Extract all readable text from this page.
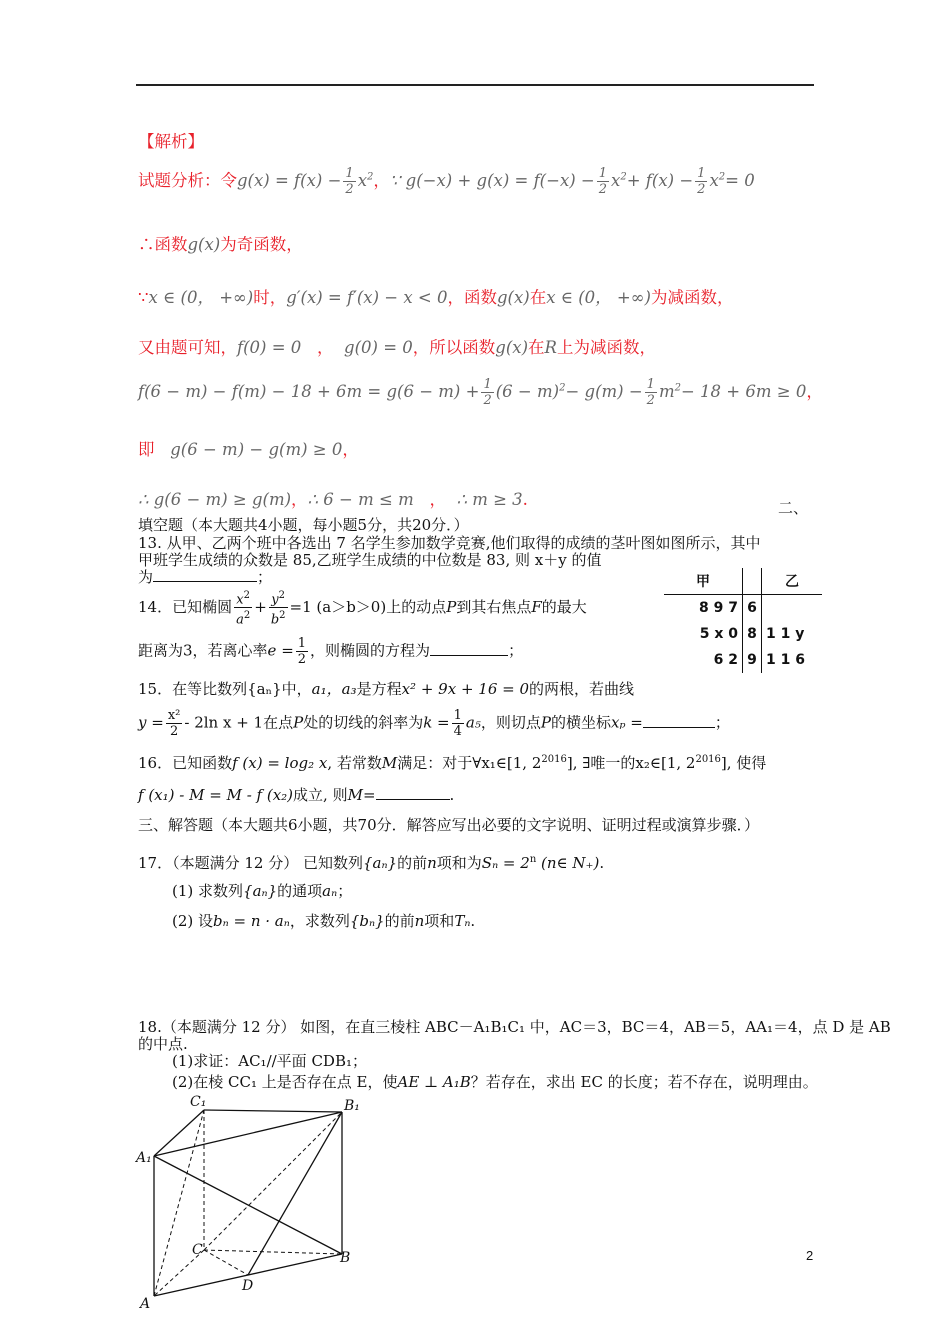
【解析】
试题分析：令$g(x) = f(x) - \frac{1}{2} x^2$，∵ $g(-x) + g(x) = f(-x) - \frac{1}{2} x^2+ f(x) - \frac{1}{2} x^2= 0$
∴函数g(x)为奇函数，
∵x ∈ (0， +∞)时，g′(x) = f′(x) − x < 0，函数g(x)在x ∈ (0， +∞)为减函数，
又由题可知，f(0) = 0 ， g(0) = 0，所以函数g(x)在R上为减函数，
$f(6 - m) - f(m) - 18 + 6m = g(6 - m) + \frac{1}{2} (6 - m)^2- g(m) - \frac{1}{2} m^2- 18 + 6m \ge 0$，
即 g(6 − m) − g(m) ≥ 0，
∴ g(6 − m) ≥ g(m)，∴ 6 − m ≤ m ， ∴ m ≥ 3.	二、
填空题（本大题共4小题，每小题5分，共20分．）
13. 从甲、乙两个班中各选出 7 名学生参加数学竞赛,他们取得的成绩的茎叶图如图所示，其中
甲班学生成绩的众数是 85,乙班学生成绩的中位数是 83, 则 x＋y 的值
为	；	甲		乙
8 9 7	6	
5 x 0	8	1 1 y
6 2	9	1 1 6
14．已知椭圆 $\frac{x^2}{a^2} + \frac{y^2}{b^2} =1$ (a＞b＞0)上的动点P到其右焦点F的最大
距离为3，若离心率$e = \frac{1}{2}$ ，则椭圆的方程为	；
15．在等比数列{aₙ}中，a₁，a₃是方程x² + 9x + 16 = 0的两根，若曲线
$y = \frac{\text{x²}}{2} - 2\ln$ x + 1在点P处的切线的斜率为$k = \frac{1}{4} a_5$，则切点P的横坐标xₚ =	；
16．已知函数f (x) = log₂ x, 若常数M满足：对于∀x₁∈[1, $2^{2016}$], ∃唯一的x₂∈[1, $2^{2016}$], 使得
f (x₁) - M = M - f (x₂)成立, 则M=	.
三、解答题（本大题共6小题，共70分．解答应写出必要的文字说明、证明过程或演算步骤．）
17．（本题满分 12 分） 已知数列{aₙ}的前n项和为$S_n = 2^n$ (n∈ N₊).
(1) 求数列{aₙ}的通项aₙ；
(2) 设bₙ = n · aₙ，求数列{bₙ}的前n项和Tₙ.
18.（本题满分 12 分） 如图，在直三棱柱 ABC－A₁B₁C₁ 中，AC＝3，BC＝4，AB＝5，AA₁＝4，点 D 是 AB
的中点.
(1)求证：AC₁//平面 CDB₁；
(2)在棱 CC₁ 上是否存在点 E，使AE ⊥ A₁B？若存在，求出 EC 的长度；若不存在，说明理由。
C₁	B₁
A₁
C	B
D
A
2
